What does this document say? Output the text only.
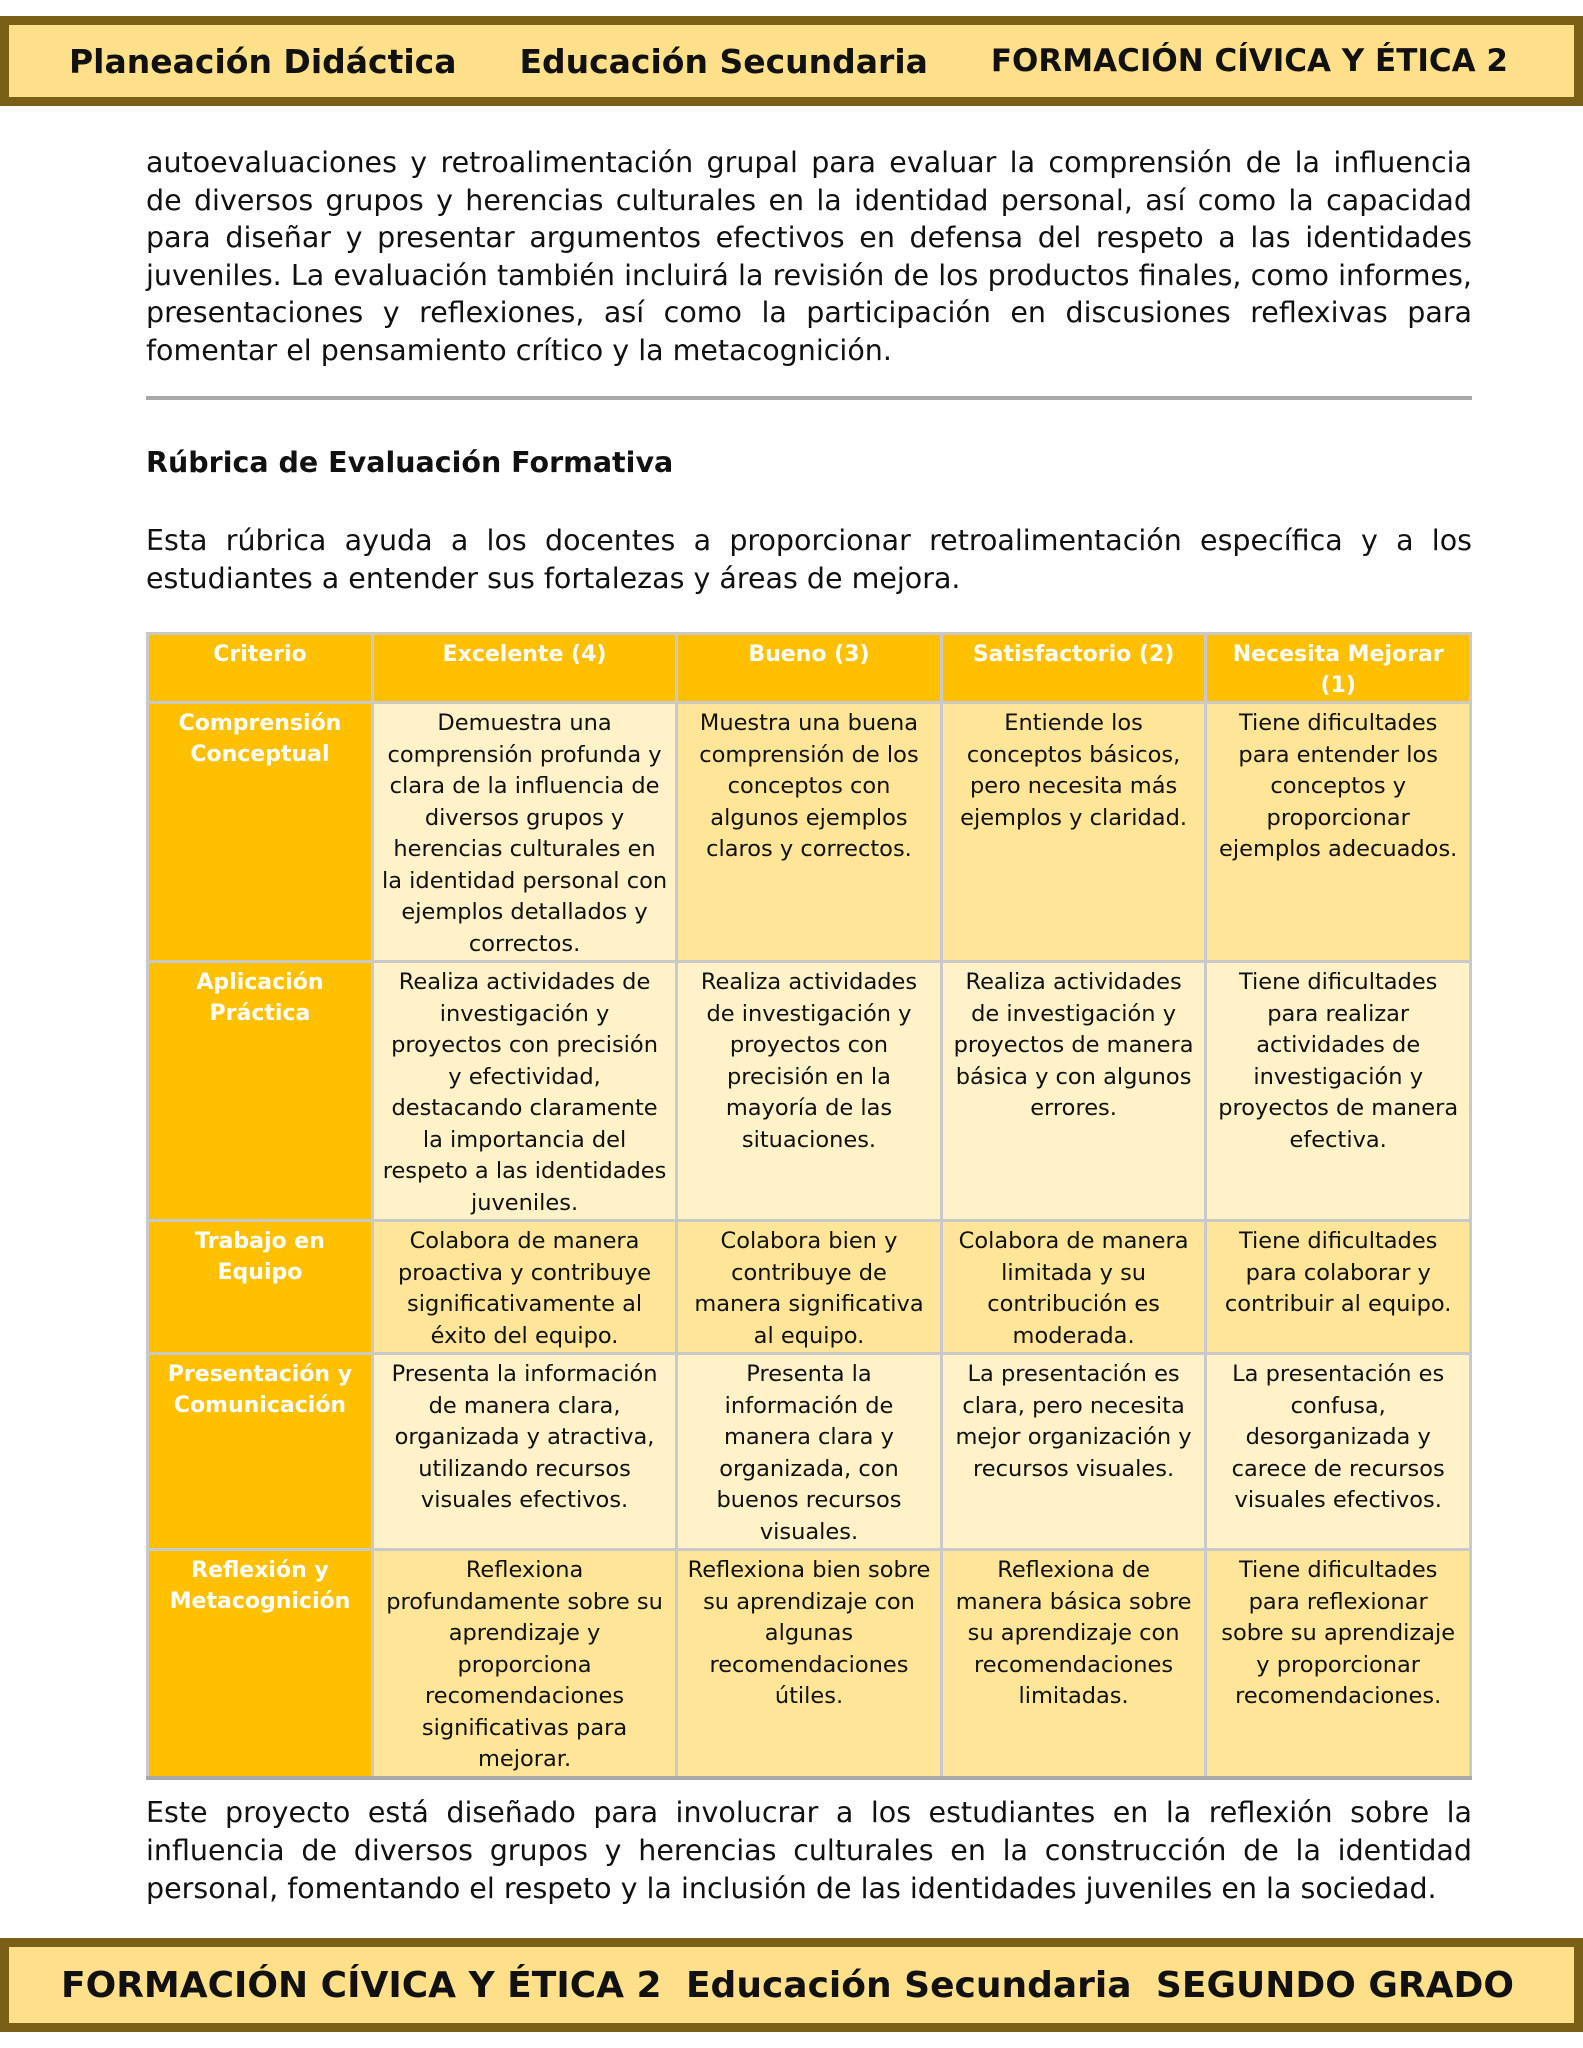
Planeación Didáctica Educación Secundaria FORMACIÓN CÍVICA Y ÉTICA 2

autoevaluaciones y retroalimentación grupal para evaluar la comprensión de la influencia de diversos grupos y herencias culturales en la identidad personal, así como la capacidad para diseñar y presentar argumentos efectivos en defensa del respeto a las identidades juveniles. La evaluación también incluirá la revisión de los productos finales, como informes, presentaciones y reflexiones, así como la participación en discusiones reflexivas para fomentar el pensamiento crítico y la metacognición.

Rúbrica de Evaluación Formativa

Esta rúbrica ayuda a los docentes a proporcionar retroalimentación específica y a los estudiantes a entender sus fortalezas y áreas de mejora.

Criterio	Excelente (4)	Bueno (3)	Satisfactorio (2)	Necesita Mejorar (1)
Comprensión Conceptual	Demuestra una comprensión profunda y clara de la influencia de diversos grupos y herencias culturales en la identidad personal con ejemplos detallados y correctos.	Muestra una buena comprensión de los conceptos con algunos ejemplos claros y correctos.	Entiende los conceptos básicos, pero necesita más ejemplos y claridad.	Tiene dificultades para entender los conceptos y proporcionar ejemplos adecuados.
Aplicación Práctica	Realiza actividades de investigación y proyectos con precisión y efectividad, destacando claramente la importancia del respeto a las identidades juveniles.	Realiza actividades de investigación y proyectos con precisión en la mayoría de las situaciones.	Realiza actividades de investigación y proyectos de manera básica y con algunos errores.	Tiene dificultades para realizar actividades de investigación y proyectos de manera efectiva.
Trabajo en Equipo	Colabora de manera proactiva y contribuye significativamente al éxito del equipo.	Colabora bien y contribuye de manera significativa al equipo.	Colabora de manera limitada y su contribución es moderada.	Tiene dificultades para colaborar y contribuir al equipo.
Presentación y Comunicación	Presenta la información de manera clara, organizada y atractiva, utilizando recursos visuales efectivos.	Presenta la información de manera clara y organizada, con buenos recursos visuales.	La presentación es clara, pero necesita mejor organización y recursos visuales.	La presentación es confusa, desorganizada y carece de recursos visuales efectivos.
Reflexión y Metacognición	Reflexiona profundamente sobre su aprendizaje y proporciona recomendaciones significativas para mejorar.	Reflexiona bien sobre su aprendizaje con algunas recomendaciones útiles.	Reflexiona de manera básica sobre su aprendizaje con recomendaciones limitadas.	Tiene dificultades para reflexionar sobre su aprendizaje y proporcionar recomendaciones.

Este proyecto está diseñado para involucrar a los estudiantes en la reflexión sobre la influencia de diversos grupos y herencias culturales en la construcción de la identidad personal, fomentando el respeto y la inclusión de las identidades juveniles en la sociedad.

FORMACIÓN CÍVICA Y ÉTICA 2 Educación Secundaria SEGUNDO GRADO
